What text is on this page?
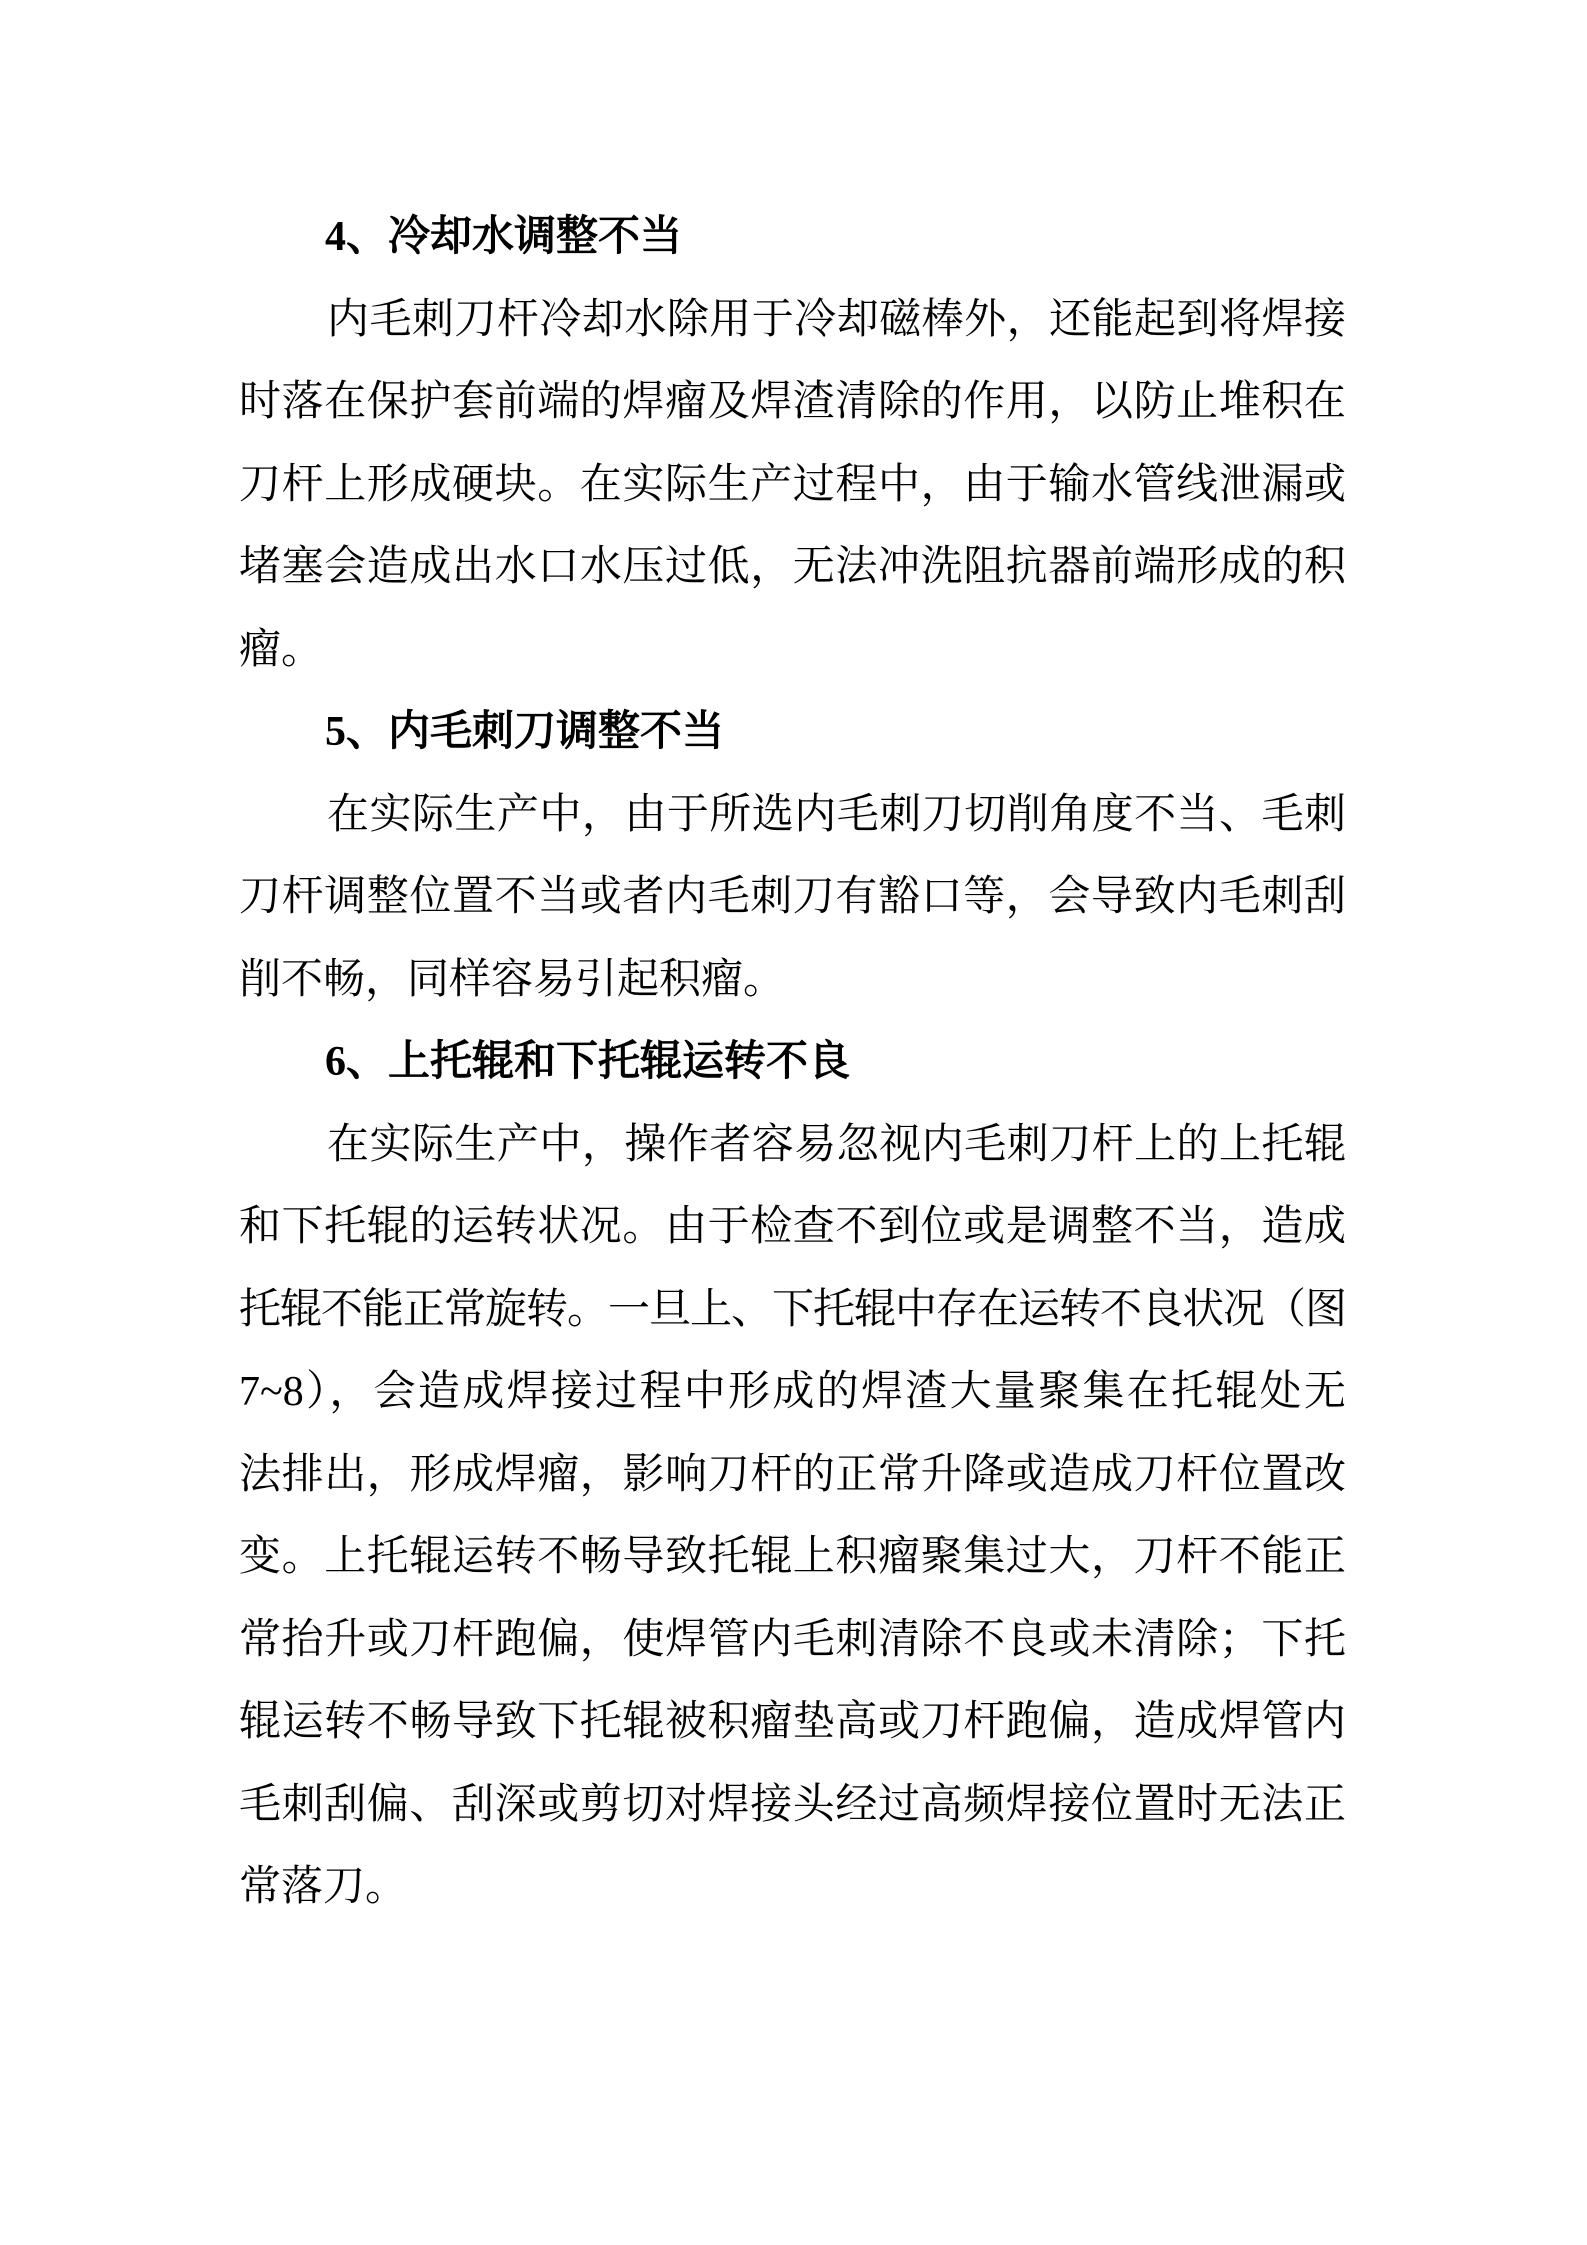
4、冷却水调整不当
内毛刺刀杆冷却水除用于冷却磁棒外，还能起到将焊接
时落在保护套前端的焊瘤及焊渣清除的作用，以防止堆积在
刀杆上形成硬块。在实际生产过程中，由于输水管线泄漏或
堵塞会造成出水口水压过低，无法冲洗阻抗器前端形成的积
瘤。
5、内毛刺刀调整不当
在实际生产中，由于所选内毛刺刀切削角度不当、毛刺
刀杆调整位置不当或者内毛刺刀有豁口等，会导致内毛刺刮
削不畅，同样容易引起积瘤。
6、上托辊和下托辊运转不良
在实际生产中，操作者容易忽视内毛刺刀杆上的上托辊
和下托辊的运转状况。由于检查不到位或是调整不当，造成
托辊不能正常旋转。一旦上、下托辊中存在运转不良状况（图
7~8），会造成焊接过程中形成的焊渣大量聚集在托辊处无
法排出，形成焊瘤，影响刀杆的正常升降或造成刀杆位置改
变。上托辊运转不畅导致托辊上积瘤聚集过大，刀杆不能正
常抬升或刀杆跑偏，使焊管内毛刺清除不良或未清除；下托
辊运转不畅导致下托辊被积瘤垫高或刀杆跑偏，造成焊管内
毛刺刮偏、刮深或剪切对焊接头经过高频焊接位置时无法正
常落刀。
